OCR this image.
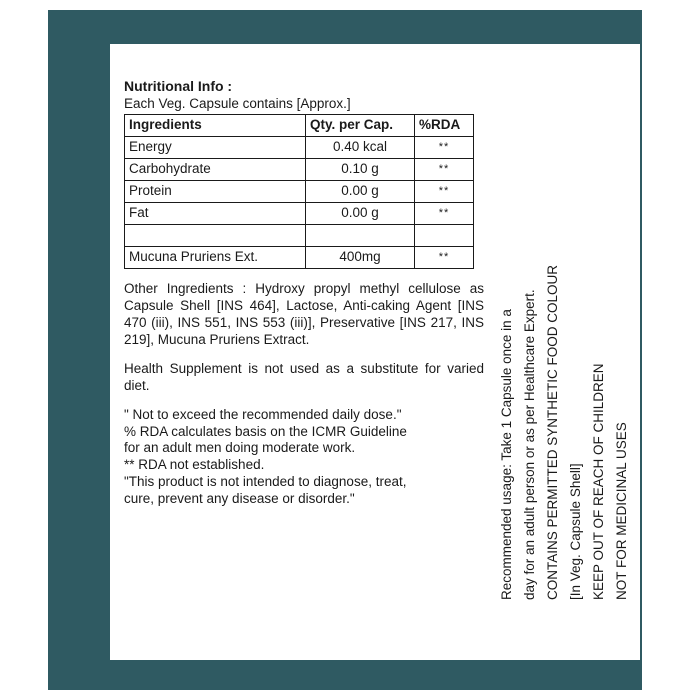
Nutritional Info :
Each Veg. Capsule contains [Approx.]
Ingredients	Qty. per Cap.	%RDA
Energy	0.40 kcal	**
Carbohydrate	0.10 g	**
Protein	0.00 g	**
Fat	0.00 g	**

Mucuna Pruriens Ext.	400mg	**
Other Ingredients : Hydroxy propyl methyl cellulose as Capsule Shell [INS 464], Lactose, Anti-caking Agent [INS 470 (iii), INS 551, INS 553 (iii)], Preservative [INS 217, INS 219], Mucuna Pruriens Extract.
Health Supplement is not used as a substitute for varied diet.
" Not to exceed the recommended daily dose."
% RDA calculates basis on the ICMR Guideline
for an adult men doing moderate work.
** RDA not established.
"This product is not intended to diagnose, treat,
cure, prevent any disease or disorder."	Recommended usage: Take 1 Capsule once in a day for an adult person or as per Healthcare Expert. CONTAINS PERMITTED SYNTHETIC FOOD COLOUR [In Veg. Capsule Shell] KEEP OUT OF REACH OF CHILDREN NOT FOR MEDICINAL USES
